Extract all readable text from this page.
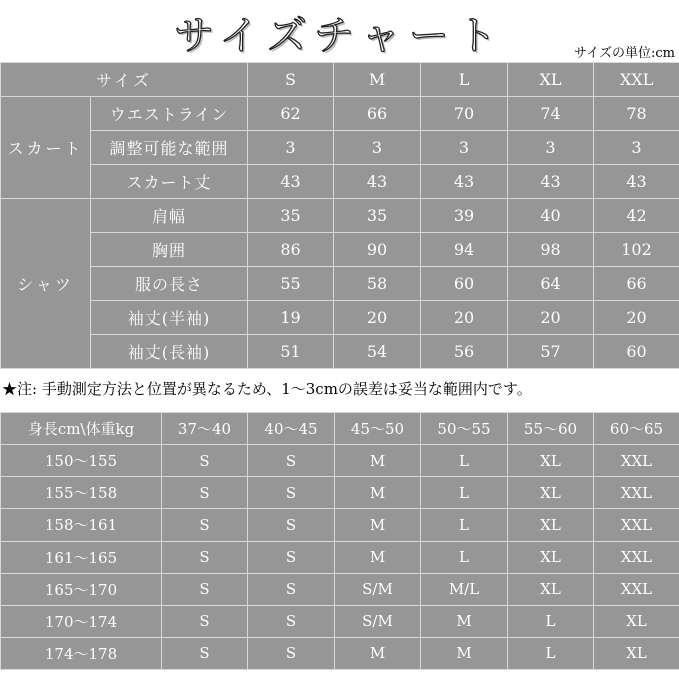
サイズチャート	サイズの単位:cm
サイズ		S	M	L	XL	XXL
スカート	ウエストライン	62	66	70	74	78
	調整可能な範囲	3	3	3	3	3
	スカート丈	43	43	43	43	43
シャツ	肩幅	35	35	39	40	42
	胸囲	86	90	94	98	102
	服の長さ	55	58	60	64	66
	袖丈(半袖)	19	20	20	20	20
	袖丈(長袖)	51	54	56	57	60
★注: 手動測定方法と位置が異なるため、1～3cmの誤差は妥当な範囲内です。
身長cm\体重kg	37～40	40～45	45～50	50～55	55～60	60～65
150～155	S	S	M	L	XL	XXL
155～158	S	S	M	L	XL	XXL
158～161	S	S	M	L	XL	XXL
161～165	S	S	M	L	XL	XXL
165～170	S	S	S/M	M/L	XL	XXL
170～174	S	S	S/M	M	L	XL
174～178	S	S	M	M	L	XL
